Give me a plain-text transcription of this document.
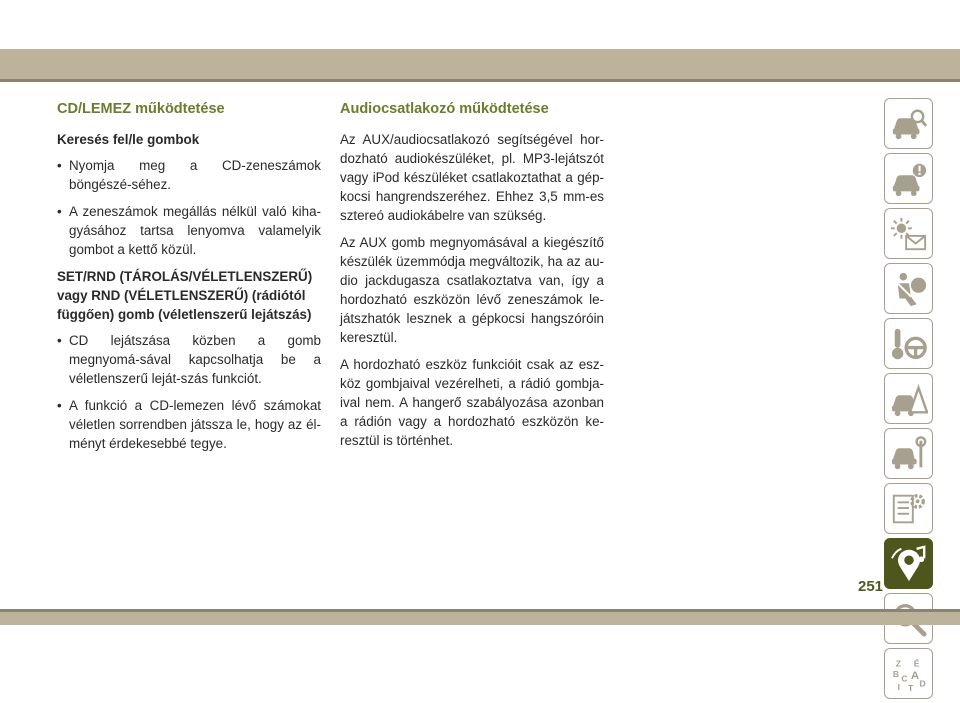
CD/LEMEZ működtetése
Keresés fel/le gombok
• Nyomja meg a CD-zeneszámok böngészé-séhez.
• A zeneszámok megállás nélkül való kiha-gyásához tartsa lenyomva valamelyik gombot a kettő közül.
SET/RND (TÁROLÁS/VÉLETLENSZERŰ) vagy RND (VÉLETLENSZERŰ) (rádiótól függően) gomb (véletlenszerű lejátszás)
• CD lejátszása közben a gomb megnyomá-sával kapcsolhatja be a véletlenszerű leját-szás funkciót.
• A funkció a CD-lemezen lévő számokat véletlen sorrendben játssza le, hogy az él-ményt érdekesebbé tegye.
Audiocsatlakozó működtetése

Az AUX/audiocsatlakozó segítségével hor-dozható audiokészüléket, pl. MP3-lejátszót vagy iPod készüléket csatlakoztathat a gép-kocsi hangrendszeréhez. Ehhez 3,5 mm-es sztereó audiokábelre van szükség.

Az AUX gomb megnyomásával a kiegészítő készülék üzemmódja megváltozik, ha az au-dio jackdugasza csatlakoztatva van, így a hordozható eszközön lévő zeneszámok le-játszhatók lesznek a gépkocsi hangszóróin keresztül.

A hordozható eszköz funkcióit csak az esz-köz gombjaival vezérelheti, a rádió gombja-ival nem. A hangerő szabályozása azonban a rádión vagy a hordozható eszközön ke-resztül is történhet.

Z É
B A
C D
I T
251
